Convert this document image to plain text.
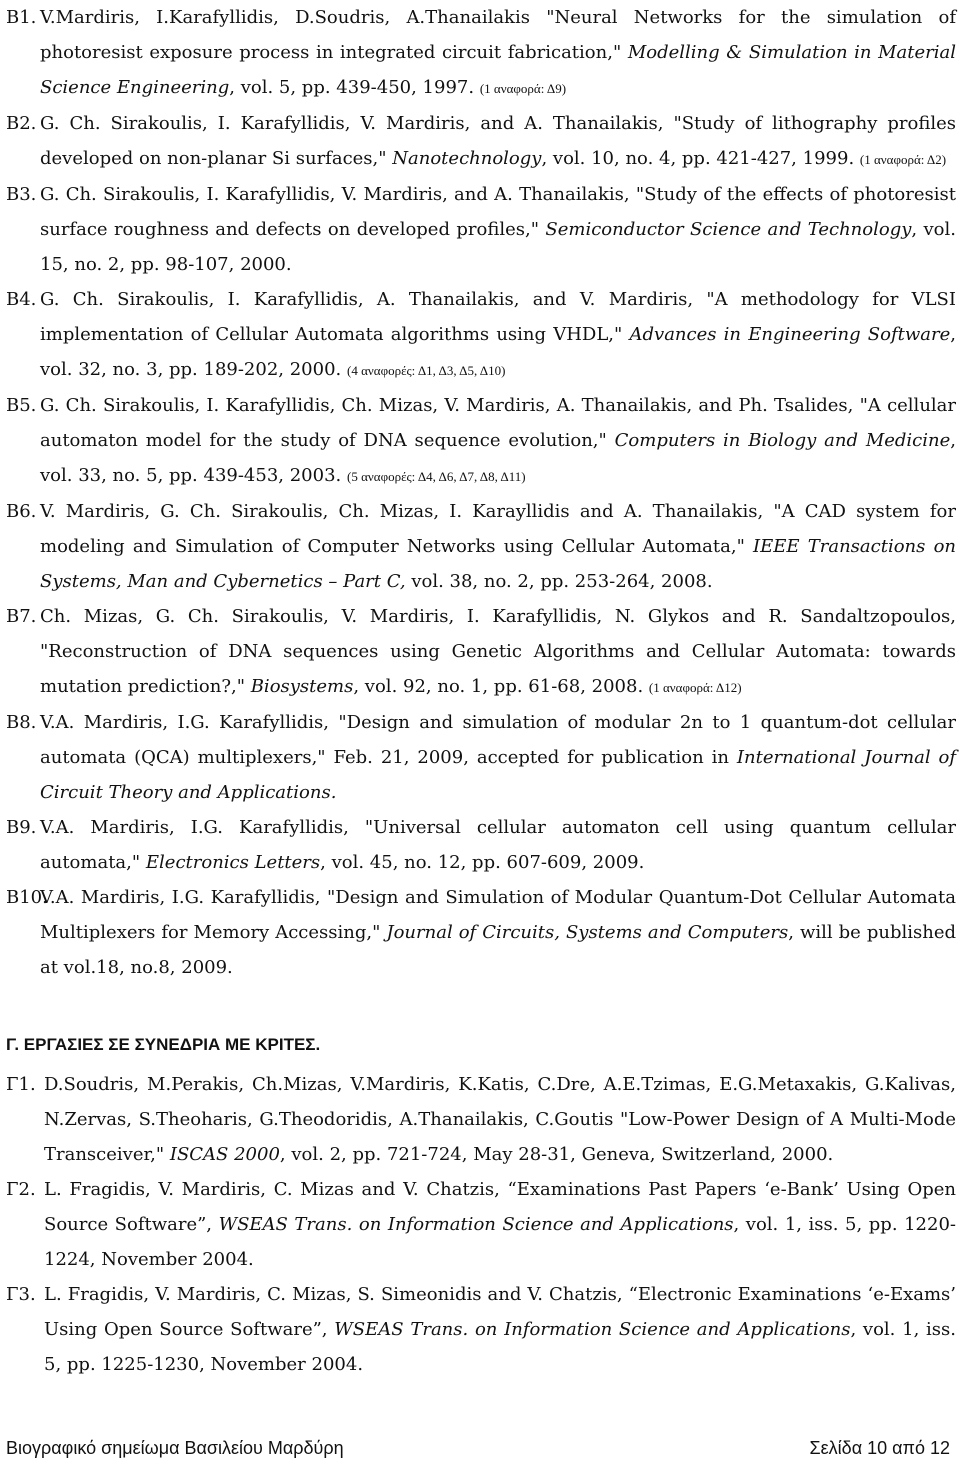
B1. V.Mardiris, I.Karafyllidis, D.Soudris, A.Thanailakis "Neural Networks for the simulation of photoresist exposure process in integrated circuit fabrication," Modelling & Simulation in Material Science Engineering, vol. 5, pp. 439-450, 1997. (1 αναφορά: Δ9)

B2. G. Ch. Sirakoulis, I. Karafyllidis, V. Mardiris, and A. Thanailakis, "Study of lithography profiles developed on non-planar Si surfaces," Nanotechnology, vol. 10, no. 4, pp. 421-427, 1999. (1 αναφορά: Δ2)

B3. G. Ch. Sirakoulis, I. Karafyllidis, V. Mardiris, and A. Thanailakis, "Study of the effects of photoresist surface roughness and defects on developed profiles," Semiconductor Science and Technology, vol. 15, no. 2, pp. 98-107, 2000.

B4. G. Ch. Sirakoulis, I. Karafyllidis, A. Thanailakis, and V. Mardiris, "A methodology for VLSI implementation of Cellular Automata algorithms using VHDL," Advances in Engineering Software, vol. 32, no. 3, pp. 189-202, 2000. (4 αναφορές: Δ1, Δ3, Δ5, Δ10)

B5. G. Ch. Sirakoulis, I. Karafyllidis, Ch. Mizas, V. Mardiris, A. Thanailakis, and Ph. Tsalides, "A cellular automaton model for the study of DNA sequence evolution," Computers in Biology and Medicine, vol. 33, no. 5, pp. 439-453, 2003. (5 αναφορές: Δ4, Δ6, Δ7, Δ8, Δ11)

B6. V. Mardiris, G. Ch. Sirakoulis, Ch. Mizas, I. Karayllidis and A. Thanailakis, "A CAD system for modeling and Simulation of Computer Networks using Cellular Automata," IEEE Transactions on Systems, Man and Cybernetics – Part C, vol. 38, no. 2, pp. 253-264, 2008.

B7. Ch. Mizas, G. Ch. Sirakoulis, V. Mardiris, I. Karafyllidis, N. Glykos and R. Sandaltzopoulos, "Reconstruction of DNA sequences using Genetic Algorithms and Cellular Automata: towards mutation prediction?," Biosystems, vol. 92, no. 1, pp. 61-68, 2008. (1 αναφορά: Δ12)

B8. V.A. Mardiris, I.G. Karafyllidis, "Design and simulation of modular 2n to 1 quantum-dot cellular automata (QCA) multiplexers," Feb. 21, 2009, accepted for publication in International Journal of Circuit Theory and Applications.

B9. V.A. Mardiris, I.G. Karafyllidis, "Universal cellular automaton cell using quantum cellular automata," Electronics Letters, vol. 45, no. 12, pp. 607-609, 2009.

B10.

V.A. Mardiris, I.G. Karafyllidis, "Design and Simulation of Modular Quantum-Dot Cellular Automata Multiplexers for Memory Accessing," Journal of Circuits, Systems and Computers, will be published at vol.18, no.8, 2009.

Γ. ΕΡΓΑΣΙΕΣ ΣΕ ΣΥΝΕΔΡΙΑ ΜΕ ΚΡΙΤΕΣ.
Γ1. D.Soudris, M.Perakis, Ch.Mizas, V.Mardiris, K.Katis, C.Dre, A.E.Tzimas, E.G.Metaxakis, G.Kalivas, N.Zervas, S.Theoharis, G.Theodoridis, A.Thanailakis, C.Goutis "Low-Power Design of A Multi-Mode Transceiver," ISCAS 2000, vol. 2, pp. 721-724, May 28-31, Geneva, Switzerland, 2000.

Γ2. L. Fragidis, V. Mardiris, C. Mizas and V. Chatzis, “Examinations Past Papers ‘e-Bank’ Using Open Source Software”, WSEAS Trans. on Information Science and Applications, vol. 1, iss. 5, pp. 1220-1224, November 2004.

Γ3. L. Fragidis, V. Mardiris, C. Mizas, S. Simeonidis and V. Chatzis, “Electronic Examinations ‘e-Exams’ Using Open Source Software”, WSEAS Trans. on Information Science and Applications, vol. 1, iss. 5, pp. 1225-1230, November 2004.

Βιογραφικό σημείωμα Βασιλείου Μαρδύρη	Σελίδα 10 από 12
